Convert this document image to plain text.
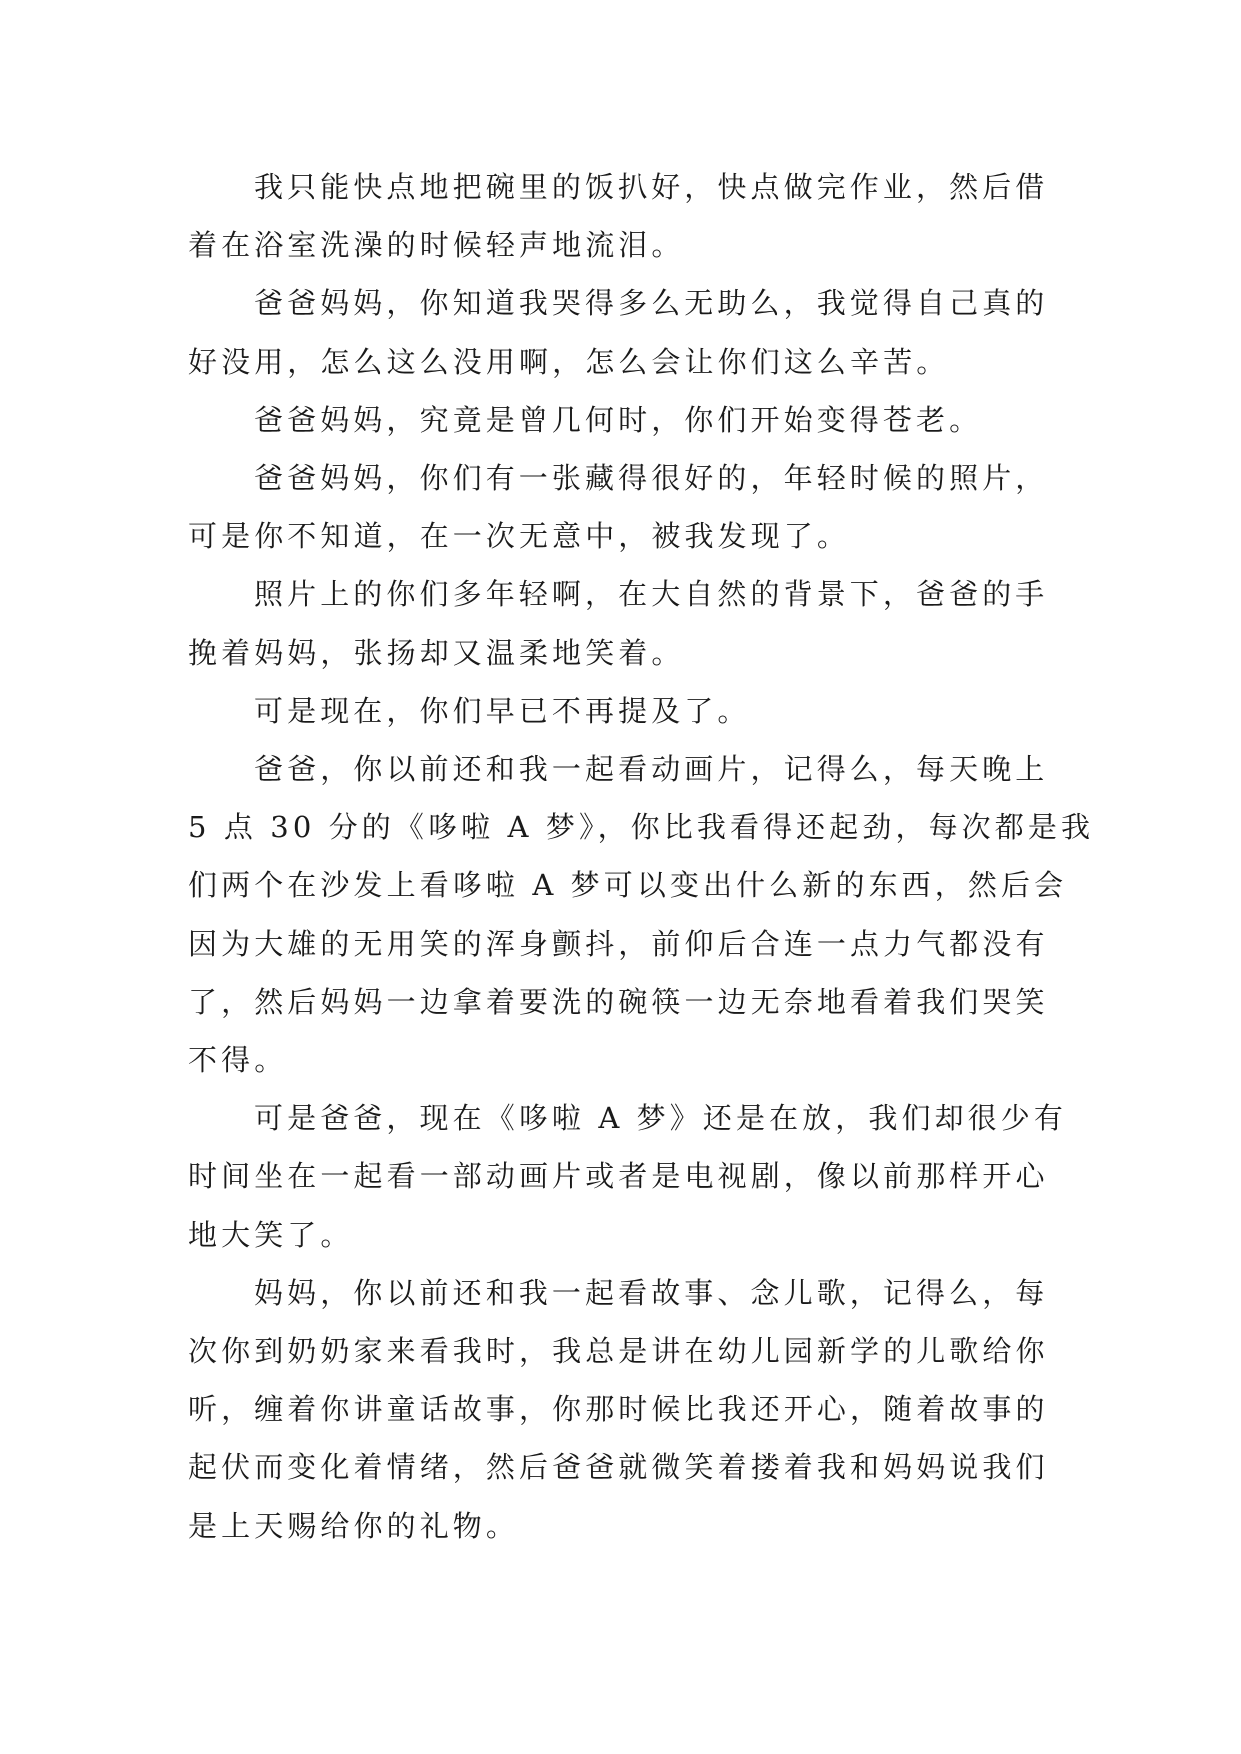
我只能快点地把碗里的饭扒好，快点做完作业，然后借
着在浴室洗澡的时候轻声地流泪。

爸爸妈妈，你知道我哭得多么无助么，我觉得自己真的
好没用，怎么这么没用啊，怎么会让你们这么辛苦。

爸爸妈妈，究竟是曾几何时，你们开始变得苍老。

爸爸妈妈，你们有一张藏得很好的，年轻时候的照片，
可是你不知道，在一次无意中，被我发现了。

照片上的你们多年轻啊，在大自然的背景下，爸爸的手
挽着妈妈，张扬却又温柔地笑着。

可是现在，你们早已不再提及了。

爸爸，你以前还和我一起看动画片，记得么，每天晚上
5 点 30 分的《哆啦 A 梦》，你比我看得还起劲，每次都是我
们两个在沙发上看哆啦 A 梦可以变出什么新的东西，然后会
因为大雄的无用笑的浑身颤抖，前仰后合连一点力气都没有
了，然后妈妈一边拿着要洗的碗筷一边无奈地看着我们哭笑
不得。

可是爸爸，现在《哆啦 A 梦》还是在放，我们却很少有
时间坐在一起看一部动画片或者是电视剧，像以前那样开心
地大笑了。

妈妈，你以前还和我一起看故事、念儿歌，记得么，每
次你到奶奶家来看我时，我总是讲在幼儿园新学的儿歌给你
听，缠着你讲童话故事，你那时候比我还开心，随着故事的
起伏而变化着情绪，然后爸爸就微笑着搂着我和妈妈说我们
是上天赐给你的礼物。
